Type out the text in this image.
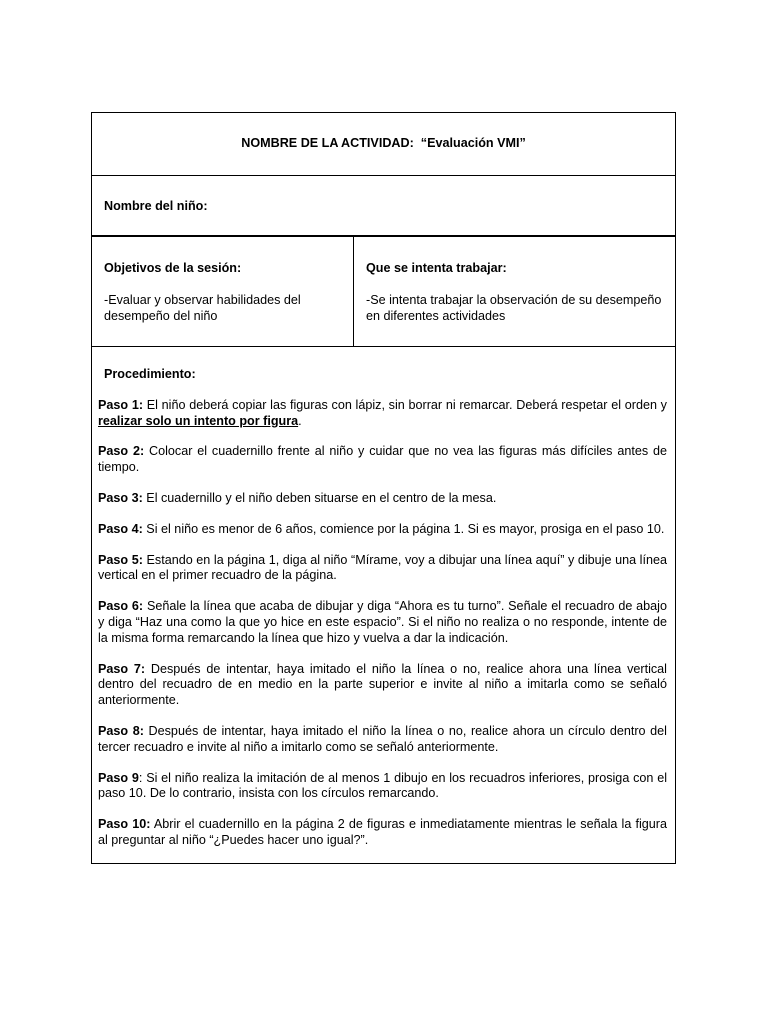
NOMBRE DE LA ACTIVIDAD:
“Evaluación VMI”
Nombre del niño:
Objetivos de la sesión:
-Evaluar y observar habilidades del desempeño del niño
Que se intenta trabajar:
-Se intenta trabajar la observación de su desempeño en diferentes actividades
Procedimiento:

Paso 1: El niño deberá copiar las figuras con lápiz, sin borrar ni remarcar. Deberá respetar el orden y realizar solo un intento por figura.

Paso 2: Colocar el cuadernillo frente al niño y cuidar que no vea las figuras más difíciles antes de tiempo.

Paso 3: El cuadernillo y el niño deben situarse en el centro de la mesa.

Paso 4: Si el niño es menor de 6 años, comience por la página 1. Si es mayor, prosiga en el paso 10.

Paso 5: Estando en la página 1, diga al niño “Mírame, voy a dibujar una línea aquí” y dibuje una línea vertical en el primer recuadro de la página.

Paso 6: Señale la línea que acaba de dibujar y diga “Ahora es tu turno”. Señale el recuadro de abajo y diga “Haz una como la que yo hice en este espacio”. Si el niño no realiza o no responde, intente de la misma forma remarcando la línea que hizo y vuelva a dar la indicación.

Paso 7: Después de intentar, haya imitado el niño la línea o no, realice ahora una línea vertical dentro del recuadro de en medio en la parte superior e invite al niño a imitarla como se señaló anteriormente.

Paso 8: Después de intentar, haya imitado el niño la línea o no, realice ahora un círculo dentro del tercer recuadro e invite al niño a imitarlo como se señaló anteriormente.

Paso 9: Si el niño realiza la imitación de al menos 1 dibujo en los recuadros inferiores, prosiga con el paso 10. De lo contrario, insista con los círculos remarcando.

Paso 10: Abrir el cuadernillo en la página 2 de figuras e inmediatamente mientras le señala la figura al preguntar al niño “¿Puedes hacer uno igual?”.
